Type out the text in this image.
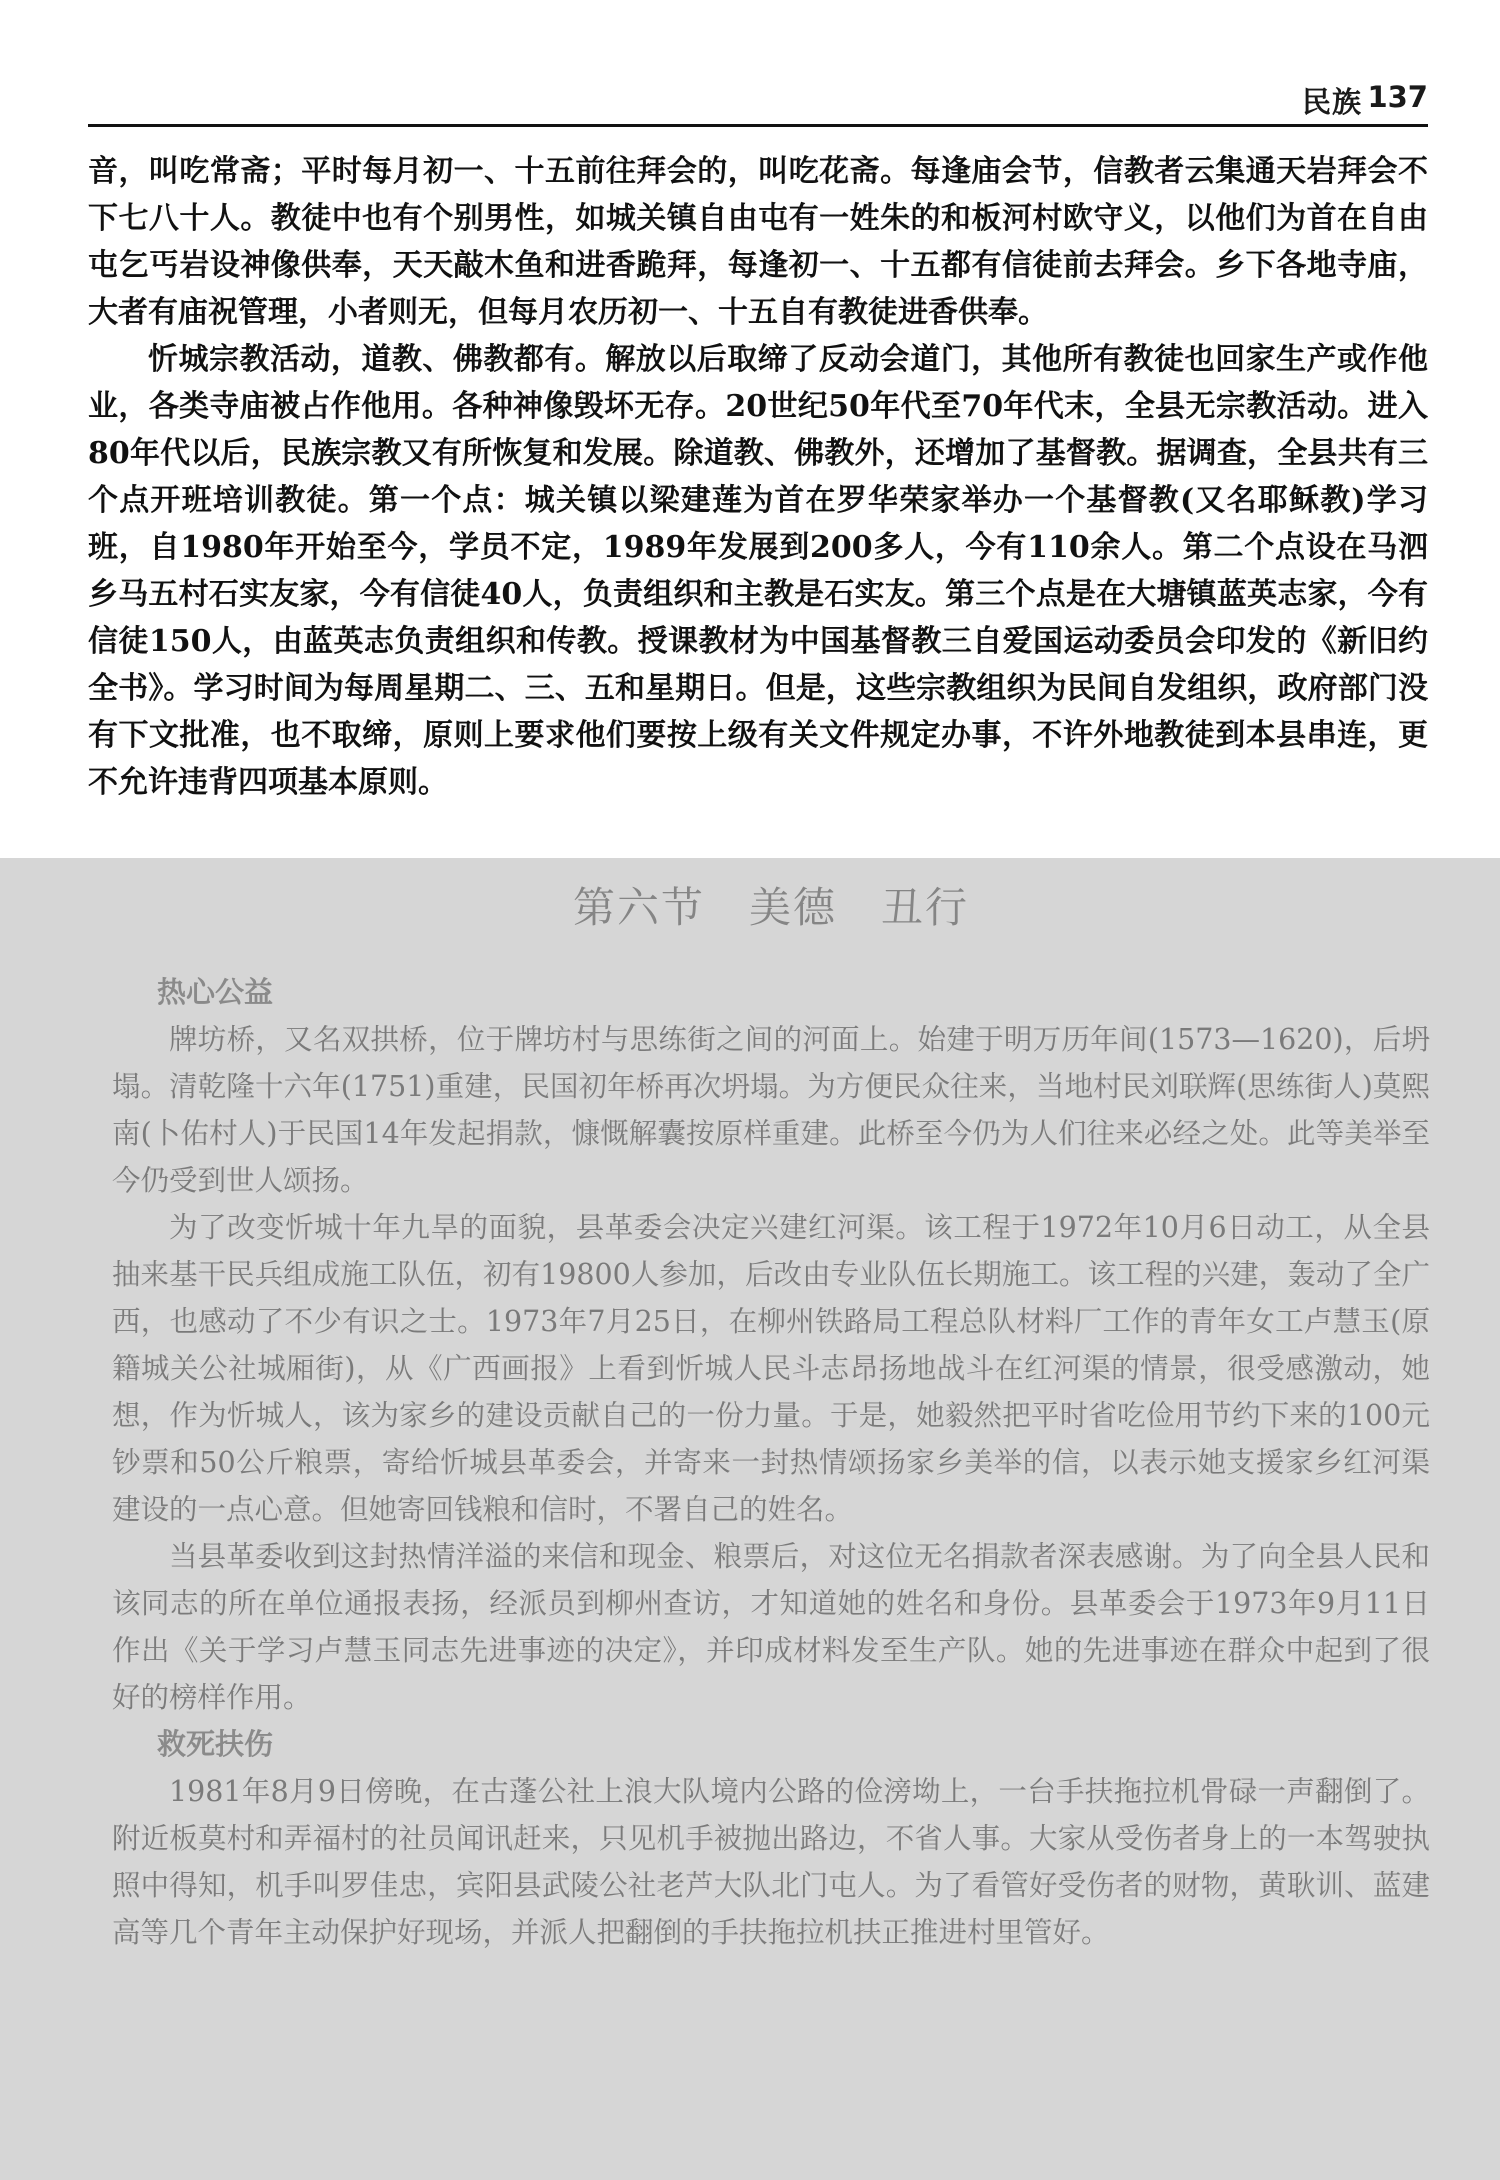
民族 137

音，叫吃常斋；平时每月初一、十五前往拜会的，叫吃花斋。每逢庙会节，信教者云集通天岩拜会不下七八十人。教徒中也有个别男性，如城关镇自由屯有一姓朱的和板河村欧守义，以他们为首在自由屯乞丐岩设神像供奉，天天敲木鱼和进香跪拜，每逢初一、十五都有信徒前去拜会。乡下各地寺庙，大者有庙祝管理，小者则无，但每月农历初一、十五自有教徒进香供奉。

忻城宗教活动，道教、佛教都有。解放以后取缔了反动会道门，其他所有教徒也回家生产或作他业，各类寺庙被占作他用。各种神像毁坏无存。20世纪50年代至70年代末，全县无宗教活动。进入80年代以后，民族宗教又有所恢复和发展。除道教、佛教外，还增加了基督教。据调查，全县共有三个点开班培训教徒。第一个点：城关镇以梁建莲为首在罗华荣家举办一个基督教(又名耶稣教)学习班，自1980年开始至今，学员不定，1989年发展到200多人，今有110余人。第二个点设在马泗乡马五村石实友家，今有信徒40人，负责组织和主教是石实友。第三个点是在大塘镇蓝英志家，今有信徒150人，由蓝英志负责组织和传教。授课教材为中国基督教三自爱国运动委员会印发的《新旧约全书》。学习时间为每周星期二、三、五和星期日。但是，这些宗教组织为民间自发组织，政府部门没有下文批准，也不取缔，原则上要求他们要按上级有关文件规定办事，不许外地教徒到本县串连，更不允许违背四项基本原则。

第六节　美德　丑行
热心公益

牌坊桥，又名双拱桥，位于牌坊村与思练街之间的河面上。始建于明万历年间(1573—1620)，后坍塌。清乾隆十六年(1751)重建，民国初年桥再次坍塌。为方便民众往来，当地村民刘联辉(思练街人)莫熙南(卜佑村人)于民国14年发起捐款，慷慨解囊按原样重建。此桥至今仍为人们往来必经之处。此等美举至今仍受到世人颂扬。

为了改变忻城十年九旱的面貌，县革委会决定兴建红河渠。该工程于1972年10月6日动工，从全县抽来基干民兵组成施工队伍，初有19800人参加，后改由专业队伍长期施工。该工程的兴建，轰动了全广西，也感动了不少有识之士。1973年7月25日，在柳州铁路局工程总队材料厂工作的青年女工卢慧玉(原籍城关公社城厢街)，从《广西画报》上看到忻城人民斗志昂扬地战斗在红河渠的情景，很受感激动，她想，作为忻城人，该为家乡的建设贡献自己的一份力量。于是，她毅然把平时省吃俭用节约下来的100元钞票和50公斤粮票，寄给忻城县革委会，并寄来一封热情颂扬家乡美举的信，以表示她支援家乡红河渠建设的一点心意。但她寄回钱粮和信时，不署自己的姓名。

当县革委收到这封热情洋溢的来信和现金、粮票后，对这位无名捐款者深表感谢。为了向全县人民和该同志的所在单位通报表扬，经派员到柳州查访，才知道她的姓名和身份。县革委会于1973年9月11日作出《关于学习卢慧玉同志先进事迹的决定》，并印成材料发至生产队。她的先进事迹在群众中起到了很好的榜样作用。

救死扶伤

1981年8月9日傍晚，在古蓬公社上浪大队境内公路的俭滂坳上，一台手扶拖拉机骨碌一声翻倒了。附近板莫村和弄福村的社员闻讯赶来，只见机手被抛出路边，不省人事。大家从受伤者身上的一本驾驶执照中得知，机手叫罗佳忠，宾阳县武陵公社老芦大队北门屯人。为了看管好受伤者的财物，黄耿训、蓝建高等几个青年主动保护好现场，并派人把翻倒的手扶拖拉机扶正推进村里管好。
